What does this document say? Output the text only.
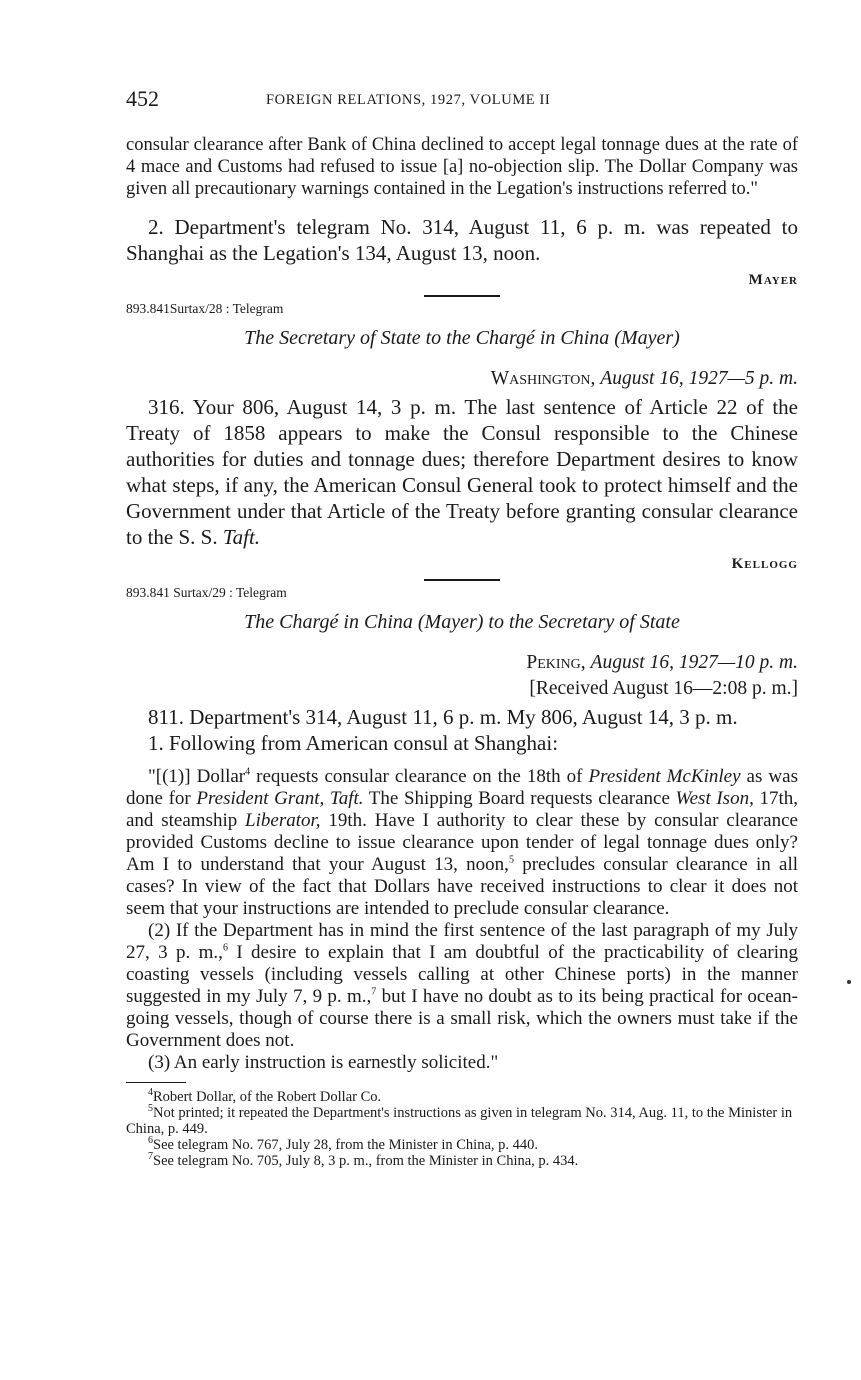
452	FOREIGN RELATIONS, 1927, VOLUME II
consular clearance after Bank of China declined to accept legal tonnage dues at the rate of 4 mace and Customs had refused to issue [a] no-objection slip. The Dollar Company was given all precautionary warnings contained in the Legation's instructions referred to."

2. Department's telegram No. 314, August 11, 6 p. m. was repeated to Shanghai as the Legation's 134, August 13, noon.

Mayer

893.841Surtax/28 : Telegram

The Secretary of State to the Chargé in China (Mayer)

Washington, August 16, 1927—5 p. m.

316. Your 806, August 14, 3 p. m. The last sentence of Article 22 of the Treaty of 1858 appears to make the Consul responsible to the Chinese authorities for duties and tonnage dues; therefore Department desires to know what steps, if any, the American Consul General took to protect himself and the Government under that Article of the Treaty before granting consular clearance to the S. S. Taft.

Kellogg

893.841 Surtax/29 : Telegram

The Chargé in China (Mayer) to the Secretary of State

Peking, August 16, 1927—10 p. m.

[Received August 16—2:08 p. m.]

811. Department's 314, August 11, 6 p. m. My 806, August 14, 3 p. m.

1. Following from American consul at Shanghai:

"[(1)] Dollar$^4$ requests consular clearance on the 18th of President McKinley as was done for President Grant, Taft. The Shipping Board requests clearance West Ison, 17th, and steamship Liberator, 19th. Have I authority to clear these by consular clearance provided Customs decline to issue clearance upon tender of legal tonnage dues only? Am I to understand that your August 13, noon,$^5$ precludes consular clearance in all cases? In view of the fact that Dollars have received instructions to clear it does not seem that your instructions are intended to preclude consular clearance.

(2) If the Department has in mind the first sentence of the last paragraph of my July 27, 3 p. m.,$^6$ I desire to explain that I am doubtful of the practicability of clearing coasting vessels (including vessels calling at other Chinese ports) in the manner suggested in my July 7, 9 p. m.,$^7$ but I have no doubt as to its being practical for ocean-going vessels, though of course there is a small risk, which the owners must take if the Government does not.

(3) An early instruction is earnestly solicited."

$^4$Robert Dollar, of the Robert Dollar Co.

$^5$Not printed; it repeated the Department's instructions as given in telegram No. 314, Aug. 11, to the Minister in China, p. 449.

$^6$See telegram No. 767, July 28, from the Minister in China, p. 440.

$^7$See telegram No. 705, July 8, 3 p. m., from the Minister in China, p. 434.
